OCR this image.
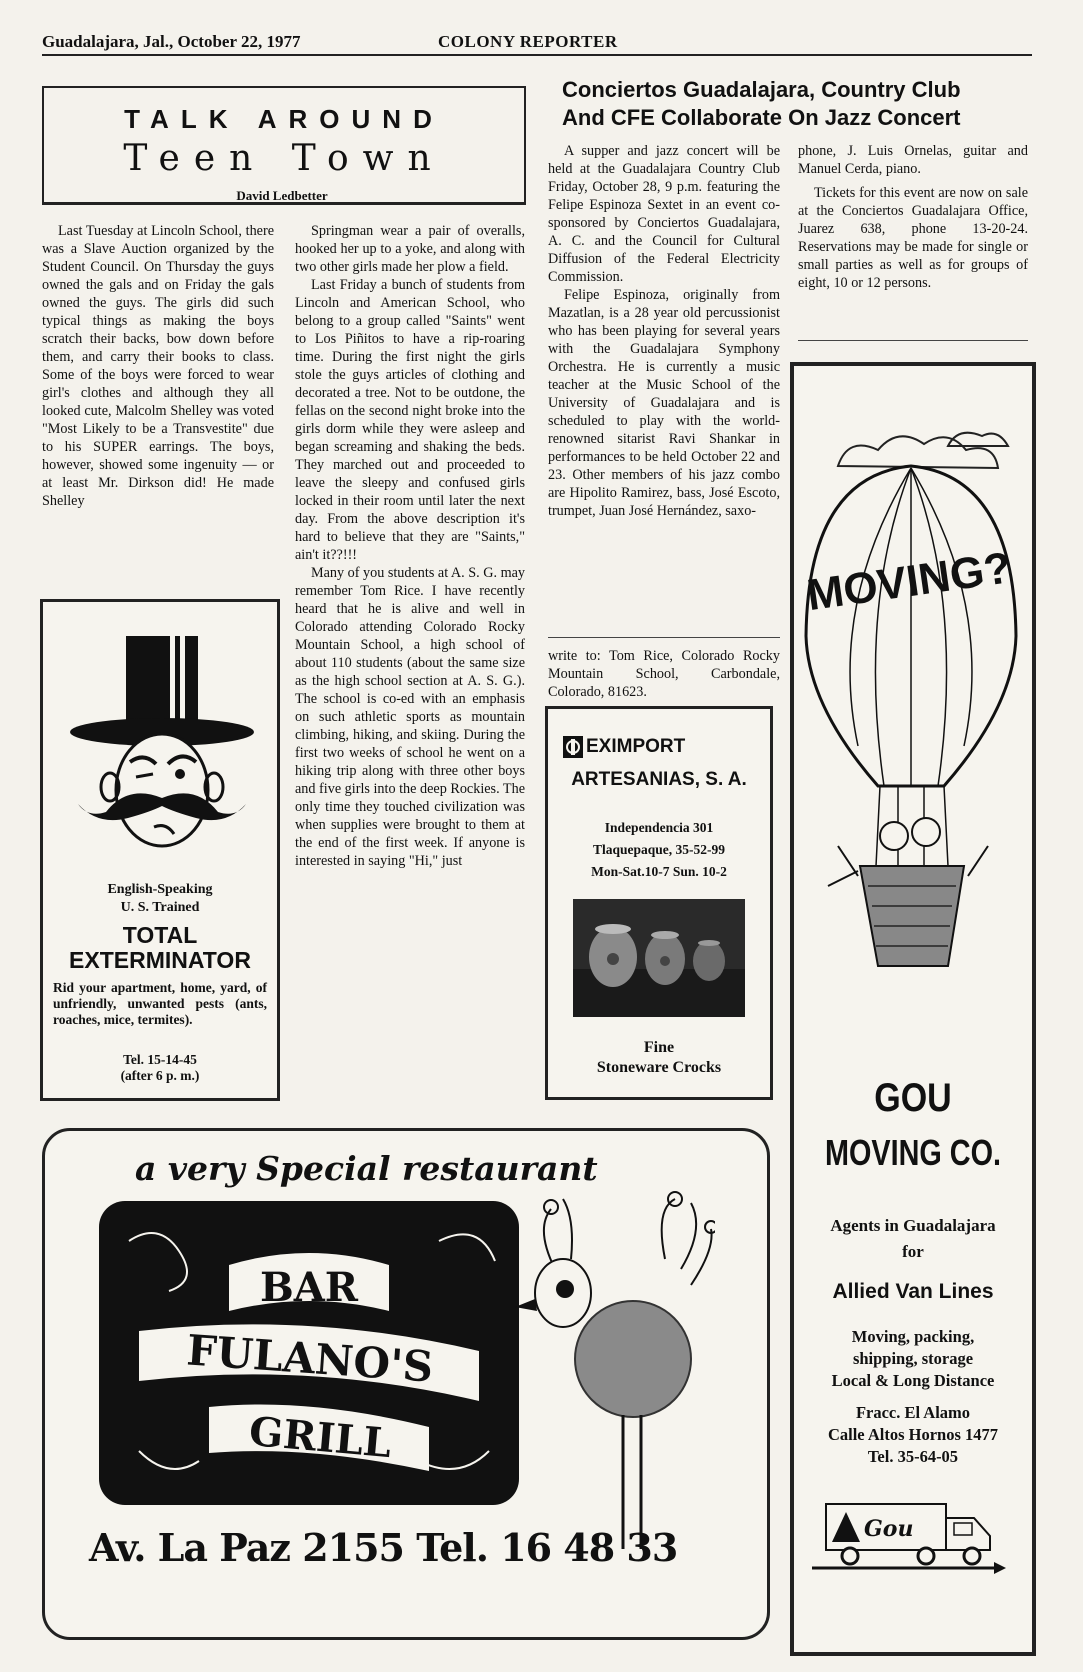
Guadalajara, Jal., October 22, 1977	COLONY REPORTER
TALK AROUND
Teen Town
David Ledbetter

Last Tuesday at Lincoln School, there was a Slave Auction organized by the Student Council. On Thursday the guys owned the gals and on Friday the gals owned the guys. The girls did such typical things as making the boys scratch their backs, bow down before them, and carry their books to class. Some of the boys were forced to wear girl's clothes and although they all looked cute, Malcolm Shelley was voted "Most Likely to be a Transvestite" due to his SUPER earrings. The boys, however, showed some ingenuity — or at least Mr. Dirkson did! He made Shelley

Springman wear a pair of overalls, hooked her up to a yoke, and along with two other girls made her plow a field.

Last Friday a bunch of students from Lincoln and American School, who belong to a group called "Saints" went to Los Piñitos to have a rip-roaring time. During the first night the girls stole the guys articles of clothing and decorated a tree. Not to be outdone, the fellas on the second night broke into the girls dorm while they were asleep and began screaming and shaking the beds. They marched out and proceeded to leave the sleepy and confused girls locked in their room until later the next day. From the above description it's hard to believe that they are "Saints," ain't it??!!!

Many of you students at A. S. G. may remember Tom Rice. I have recently heard that he is alive and well in Colorado attending Colorado Rocky Mountain School, a high school of about 110 students (about the same size as the high school section at A. S. G.). The school is co-ed with an emphasis on such athletic sports as mountain climbing, hiking, and skiing. During the first two weeks of school he went on a hiking trip along with three other boys and five girls into the deep Rockies. The only time they touched civilization was when supplies were brought to them at the end of the first week. If anyone is interested in saying "Hi," just

English-Speaking
U. S. Trained
TOTAL
EXTERMINATOR
Rid your apartment, home, yard, of unfriendly, unwanted pests (ants, roaches, mice, termites).
Tel. 15-14-45
(after 6 p. m.)
Conciertos Guadalajara, Country Club
And CFE Collaborate On Jazz Concert

A supper and jazz concert will be held at the Guadalajara Country Club Friday, October 28, 9 p.m. featuring the Felipe Espinoza Sextet in an event co-sponsored by Conciertos Guadalajara, A. C. and the Council for Cultural Diffusion of the Federal Electricity Commission.

Felipe Espinoza, originally from Mazatlan, is a 28 year old percussionist who has been playing for several years with the Guadalajara Symphony Orchestra. He is currently a music teacher at the Music School of the University of Guadalajara and is scheduled to play with the world-renowned sitarist Ravi Shankar in performances to be held October 22 and 23. Other members of his jazz combo are Hipolito Ramirez, bass, José Escoto, trumpet, Juan José Hernández, saxo-

write to: Tom Rice, Colorado Rocky Mountain School, Carbondale, Colorado, 81623.

phone, J. Luis Ornelas, guitar and Manuel Cerda, piano.

Tickets for this event are now on sale at the Conciertos Guadalajara Office, Juarez 638, phone 13-20-24. Reservations may be made for single or small parties as well as for groups of eight, 10 or 12 persons.

EXIMPORT
ARTESANIAS, S. A.
Independencia 301
Tlaquepaque, 35-52-99
Mon-Sat.10-7 Sun. 10-2
Fine
Stoneware Crocks
MOVING?
GOU
MOVING CO.
Agents in Guadalajara
for
Allied Van Lines
Moving, packing,
shipping, storage
Local & Long Distance
Fracc. El Alamo
Calle Altos Hornos 1477
Tel. 35-64-05
Gou
a very Special restaurant
BAR
FULANO'S
GRILL
Av. La Paz 2155 Tel. 16 48 33
